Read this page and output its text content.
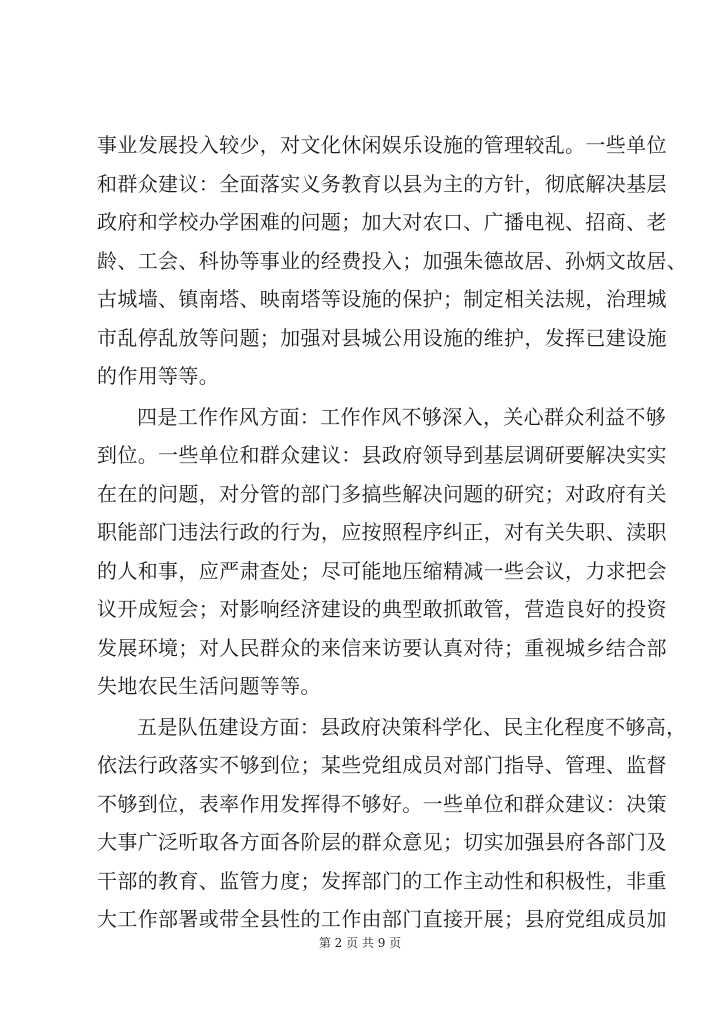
事业发展投入较少，对文化休闲娱乐设施的管理较乱。一些单位
和群众建议：全面落实义务教育以县为主的方针，彻底解决基层
政府和学校办学困难的问题；加大对农口、广播电视、招商、老
龄、工会、科协等事业的经费投入；加强朱德故居、孙炳文故居、
古城墙、镇南塔、映南塔等设施的保护；制定相关法规，治理城
市乱停乱放等问题；加强对县城公用设施的维护，发挥已建设施
的作用等等。
四是工作作风方面：工作作风不够深入，关心群众利益不够
到位。一些单位和群众建议：县政府领导到基层调研要解决实实
在在的问题，对分管的部门多搞些解决问题的研究；对政府有关
职能部门违法行政的行为，应按照程序纠正，对有关失职、渎职
的人和事，应严肃查处；尽可能地压缩精减一些会议，力求把会
议开成短会；对影响经济建设的典型敢抓敢管，营造良好的投资
发展环境；对人民群众的来信来访要认真对待；重视城乡结合部
失地农民生活问题等等。
五是队伍建设方面：县政府决策科学化、民主化程度不够高，
依法行政落实不够到位；某些党组成员对部门指导、管理、监督
不够到位，表率作用发挥得不够好。一些单位和群众建议：决策
大事广泛听取各方面各阶层的群众意见；切实加强县府各部门及
干部的教育、监管力度；发挥部门的工作主动性和积极性，非重
大工作部署或带全县性的工作由部门直接开展；县府党组成员加
第 2 页 共 9 页
